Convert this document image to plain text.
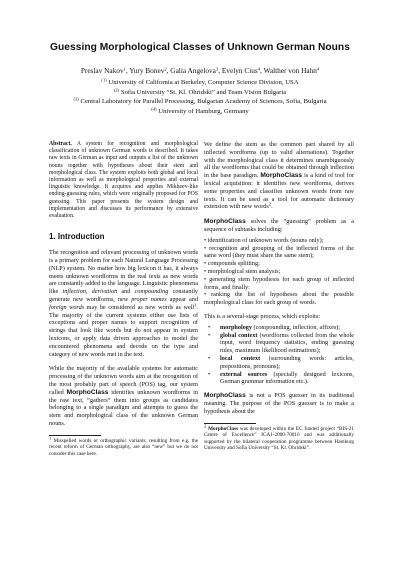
Guessing Morphological Classes of Unknown German Nouns
Preslav Nakov$^1$, Yury Bonev$^2$, Galia Angelova$^3$, Evelyn Cius$^4$, Walther von Hahn$^4$
$^{(1)}$ University of California at Berkeley, Computer Science Division, USA
$^{(2)}$ Sofia University “St. Kl. Ohridski” and Team Vision Bulgaria
$^{(3)}$ Central Laboratory for Parallel Processing, Bulgarian Academy of Sciences, Sofia, Bulgaria
$^{(4)}$ University of Hamburg, Germany

Abstract. A system for recognition and morphological classification of unknown German words is described. It takes raw texts in German as input and outputs a list of the unknown nouns together with hypotheses about their stem and morphological class. The system exploits both global and local information as well as morphological properties and external linguistic knowledge. It acquires and applies Mikheev-like ending-guessing rules, which were originally proposed for POS guessing. This paper presents the system design and implementation and discusses its performance by extensive evaluation.

1. Introduction

The recognition and relevant processing of unknown words is a primary problem for each Natural Language Processing (NLP) system. No matter how big lexicon it has, it always meets unknown wordforms in the real texts as new words are constantly added to the language. Linguistic phenomena like inflection, derivation and compounding constantly generate new wordforms, new proper names appear and foreign words may be considered as new words as well$^1$. The majority of the current systems either use lists of exceptions and proper names to support recognition of strings that look like words but do not appear in system lexicons, or apply data driven approaches to model the encountered phenomena and decode on the type and category of new words met in the text.

While the majority of the available systems for automatic processing of the unknown words aim at the recognition of the most probably part of speech (POS) tag, our system called MorphoClass identifies unknown wordforms in the raw text, “gathers” them into groups as candidates belonging to a single paradigm and attempts to guess the stem and morphological class of the unknown German nouns.

$^1$ Misspelled words or orthographic variants, resulting from e.g. the recent reform of German orthography, are also “new” but we do not consider this case here.

We define the stem as the common part shared by all inflected wordforms (up to valid alternations). Together with the morphological class it determines unambiguously all the wordforms that could be obtained through inflection in the base paradigm. MorphoClass is a kind of tool for lexical acquisition: it identifies new wordforms, derives some properties and classifies unknown words from raw texts. It can be used as a tool for automatic dictionary extension with new words$^2$.

MorphoClass solves the “guessing” problem as a sequence of subtasks including:

• identification of unknown words (nouns only);
• recognition and grouping of the inflected forms of the same word (they must share the same stem);
• compounds splitting;
• morphological stem analysis;
• generating stem hypothesis for each group of inflected forms, and finally:
• ranking the list of hypotheses about the possible morphological class for each group of words.

This is a several-stage process, which exploits:

• morphology (compounding, inflection, affixes);
• global context (wordforms collected from the whole input, word frequency statistics, ending guessing rules, maximum likelihood estimations);
• local context (surrounding words: articles, prepositions, pronouns);
• external sources (specially designed lexicons, German grammar information etc.).

MorphoClass is not a POS guesser in its traditional meaning. The purpose of the POS guesser is to make a hypothesis about the

$^2$ MorphoClass was developed within the EC funded project “BIS-21 Centre of Excellence” ICA1-2000-70016 and was additionally supported by the bilateral cooperation programme between Hamburg University and Sofia University “St. Kl. Ohridski”.
